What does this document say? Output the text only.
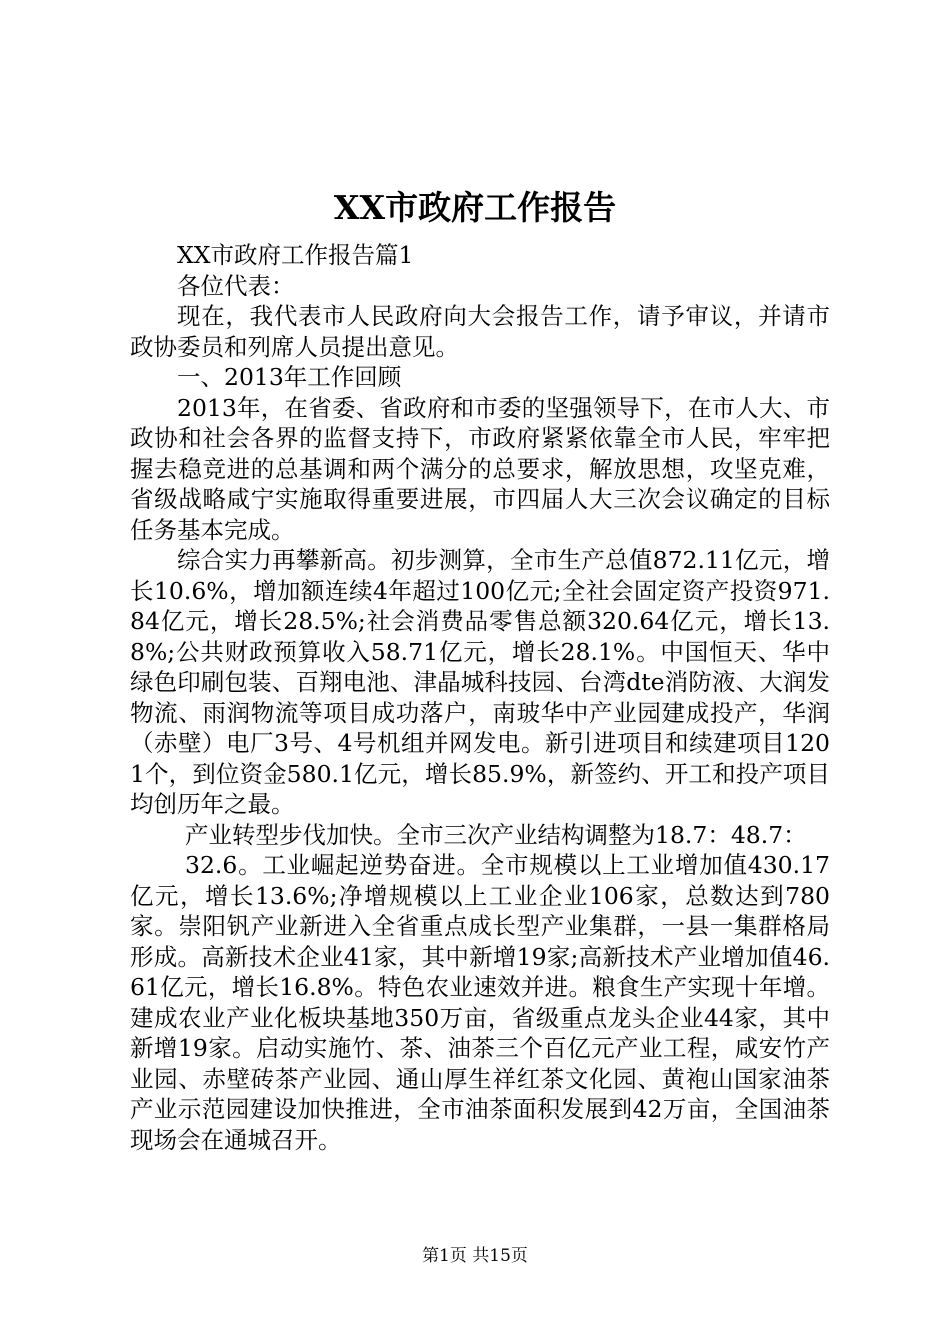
XX市政府工作报告

XX市政府工作报告篇1

各位代表：

现在，我代表市人民政府向大会报告工作，请予审议，并请市政协委员和列席人员提出意见。

一、2013年工作回顾

2013年，在省委、省政府和市委的坚强领导下，在市人大、市政协和社会各界的监督支持下，市政府紧紧依靠全市人民，牢牢把握去稳竞进的总基调和两个满分的总要求，解放思想，攻坚克难，省级战略咸宁实施取得重要进展，市四届人大三次会议确定的目标任务基本完成。

综合实力再攀新高。初步测算，全市生产总值872.11亿元，增长10.6%，增加额连续4年超过100亿元;全社会固定资产投资971.84亿元，增长28.5%;社会消费品零售总额320.64亿元，增长13.8%;公共财政预算收入58.71亿元，增长28.1%。中国恒天、华中绿色印刷包装、百翔电池、津晶城科技园、台湾dte消防液、大润发物流、雨润物流等项目成功落户，南玻华中产业园建成投产，华润（赤壁）电厂3号、4号机组并网发电。新引进项目和续建项目1201个，到位资金580.1亿元，增长85.9%，新签约、开工和投产项目均创历年之最。

产业转型步伐加快。全市三次产业结构调整为18.7：48.7：

32.6。工业崛起逆势奋进。全市规模以上工业增加值430.17亿元，增长13.6%;净增规模以上工业企业106家，总数达到780家。崇阳钒产业新进入全省重点成长型产业集群，一县一集群格局形成。高新技术企业41家，其中新增19家;高新技术产业增加值46.61亿元，增长16.8%。特色农业速效并进。粮食生产实现十年增。建成农业产业化板块基地350万亩，省级重点龙头企业44家，其中新增19家。启动实施竹、茶、油茶三个百亿元产业工程，咸安竹产业园、赤壁砖茶产业园、通山厚生祥红茶文化园、黄袍山国家油茶产业示范园建设加快推进，全市油茶面积发展到42万亩，全国油茶现场会在通城召开。

第1页 共15页
